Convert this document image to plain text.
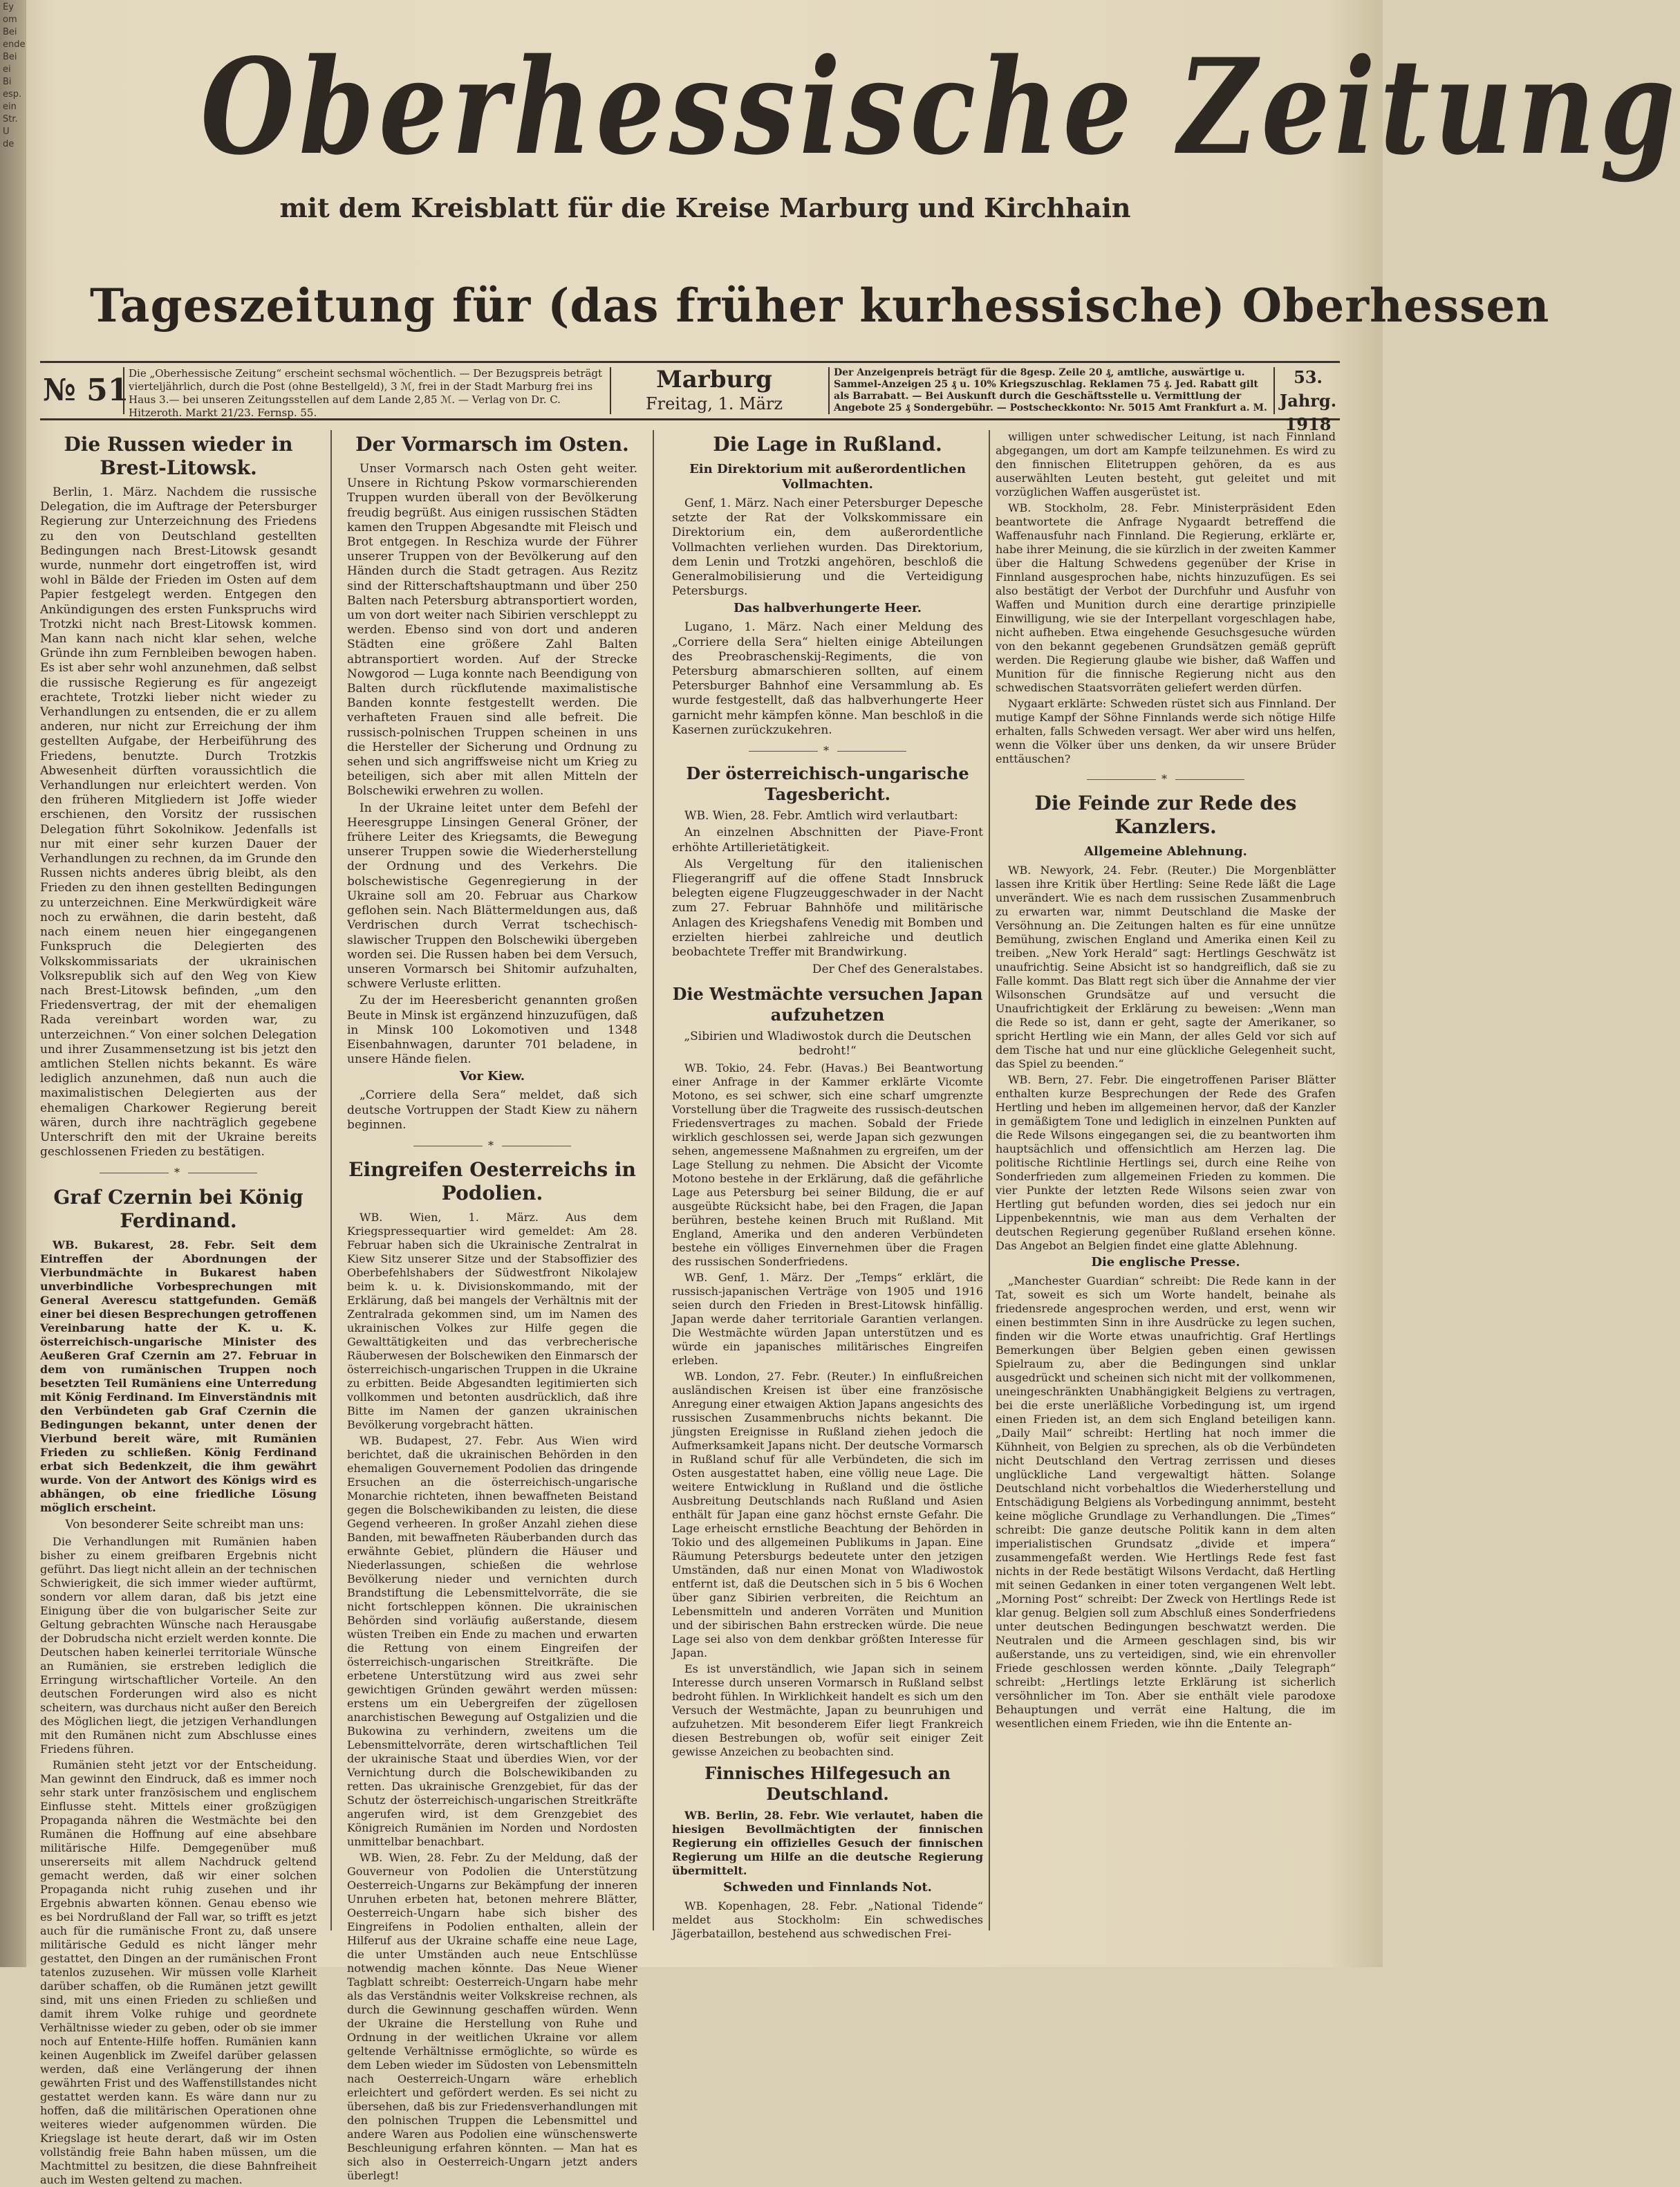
Ey
om
Bei
ende
Bei
ei
Bi
esp.
ein
Str.
U
de Oberhessische Zeitung
mit dem Kreisblatt für die Kreise Marburg und Kirchhain
Tageszeitung für (das früher kurhessische) Oberhessen
№ 51 Die „Oberhessische Zeitung“ erscheint sechsmal wöchentlich. — Der Bezugspreis beträgt vierteljährlich, durch die Post (ohne Bestellgeld), 3 ℳ, frei in der Stadt Marburg frei ins Haus 3.— bei unseren Zeitungsstellen auf dem Lande 2,85 ℳ. — Verlag von Dr. C. Hitzeroth. Markt 21/23. Fernsp. 55.
Marburg
Freitag, 1. März
Der Anzeigenpreis beträgt für die 8gesp. Zeile 20 ₰, amtliche, auswärtige u. Sammel-Anzeigen 25 ₰ u. 10% Kriegszuschlag. Reklamen 75 ₰. Jed. Rabatt gilt als Barrabatt. — Bei Auskunft durch die Geschäftsstelle u. Vermittlung der Angebote 25 ₰ Sondergebühr. — Postscheckkonto: Nr. 5015 Amt Frankfurt a. M.
53. Jahrg.
1918
Die Russen wieder in Brest-Litowsk.

Berlin, 1. März. Nachdem die russische Delegation, die im Auftrage der Petersburger Regierung zur Unterzeichnung des Friedens zu den von Deutschland gestellten Bedingungen nach Brest-Litowsk gesandt wurde, nunmehr dort eingetroffen ist, wird wohl in Bälde der Frieden im Osten auf dem Papier festgelegt werden. Entgegen den Ankündigungen des ersten Funkspruchs wird Trotzki nicht nach Brest-Litowsk kommen. Man kann nach nicht klar sehen, welche Gründe ihn zum Fernbleiben bewogen haben. Es ist aber sehr wohl anzunehmen, daß selbst die russische Regierung es für angezeigt erachtete, Trotzki lieber nicht wieder zu Verhandlungen zu entsenden, die er zu allem anderen, nur nicht zur Erreichung der ihm gestellten Aufgabe, der Herbeiführung des Friedens, benutzte. Durch Trotzkis Abwesenheit dürften voraussichtlich die Verhandlungen nur erleichtert werden. Von den früheren Mitgliedern ist Joffe wieder erschienen, den Vorsitz der russischen Delegation führt Sokolnikow. Jedenfalls ist nur mit einer sehr kurzen Dauer der Verhandlungen zu rechnen, da im Grunde den Russen nichts anderes übrig bleibt, als den Frieden zu den ihnen gestellten Bedingungen zu unterzeichnen. Eine Merkwürdigkeit wäre noch zu erwähnen, die darin besteht, daß nach einem neuen hier eingegangenen Funkspruch die Delegierten des Volkskommissariats der ukrainischen Volksrepublik sich auf den Weg von Kiew nach Brest-Litowsk befinden, „um den Friedensvertrag, der mit der ehemaligen Rada vereinbart worden war, zu unterzeichnen.“ Von einer solchen Delegation und ihrer Zusammensetzung ist bis jetzt den amtlichen Stellen nichts bekannt. Es wäre lediglich anzunehmen, daß nun auch die maximalistischen Delegierten aus der ehemaligen Charkower Regierung bereit wären, durch ihre nachträglich gegebene Unterschrift den mit der Ukraine bereits geschlossenen Frieden zu bestätigen.

*
Graf Czernin bei König Ferdinand.

WB. Bukarest, 28. Febr. Seit dem Eintreffen der Abordnungen der Vierbundmächte in Bukarest haben unverbindliche Vorbesprechungen mit General Averescu stattgefunden. Gemäß einer bei diesen Besprechungen getroffenen Vereinbarung hatte der K. u. K. österreichisch-ungarische Minister des Aeußeren Graf Czernin am 27. Februar in dem von rumänischen Truppen noch besetzten Teil Rumäniens eine Unterredung mit König Ferdinand. Im Einverständnis mit den Verbündeten gab Graf Czernin die Bedingungen bekannt, unter denen der Vierbund bereit wäre, mit Rumänien Frieden zu schließen. König Ferdinand erbat sich Bedenkzeit, die ihm gewährt wurde. Von der Antwort des Königs wird es abhängen, ob eine friedliche Lösung möglich erscheint.

Von besonderer Seite schreibt man uns:

Die Verhandlungen mit Rumänien haben bisher zu einem greifbaren Ergebnis nicht geführt. Das liegt nicht allein an der technischen Schwierigkeit, die sich immer wieder auftürmt, sondern vor allem daran, daß bis jetzt eine Einigung über die von bulgarischer Seite zur Geltung gebrachten Wünsche nach Herausgabe der Dobrudscha nicht erzielt werden konnte. Die Deutschen haben keinerlei territoriale Wünsche an Rumänien, sie erstreben lediglich die Erringung wirtschaftlicher Vorteile. An den deutschen Forderungen wird also es nicht scheitern, was durchaus nicht außer den Bereich des Möglichen liegt, die jetzigen Verhandlungen mit den Rumänen nicht zum Abschlusse eines Friedens führen.

Rumänien steht jetzt vor der Entscheidung. Man gewinnt den Eindruck, daß es immer noch sehr stark unter französischem und englischem Einflusse steht. Mittels einer großzügigen Propaganda nähren die Westmächte bei den Rumänen die Hoffnung auf eine absehbare militärische Hilfe. Demgegenüber muß unsererseits mit allem Nachdruck geltend gemacht werden, daß wir einer solchen Propaganda nicht ruhig zusehen und ihr Ergebnis abwarten können. Genau ebenso wie es bei Nordrußland der Fall war, so trifft es jetzt auch für die rumänische Front zu, daß unsere militärische Geduld es nicht länger mehr gestattet, den Dingen an der rumänischen Front tatenlos zuzusehen. Wir müssen volle Klarheit darüber schaffen, ob die Rumänen jetzt gewillt sind, mit uns einen Frieden zu schließen und damit ihrem Volke ruhige und geordnete Verhältnisse wieder zu geben, oder ob sie immer noch auf Entente-Hilfe hoffen. Rumänien kann keinen Augenblick im Zweifel darüber gelassen werden, daß eine Verlängerung der ihnen gewährten Frist und des Waffenstillstandes nicht gestattet werden kann. Es wäre dann nur zu hoffen, daß die militärischen Operationen ohne weiteres wieder aufgenommen würden. Die Kriegslage ist heute derart, daß wir im Osten vollständig freie Bahn haben müssen, um die Machtmittel zu besitzen, die diese Bahnfreiheit auch im Westen geltend zu machen.

Der Vormarsch im Osten.

Unser Vormarsch nach Osten geht weiter. Unsere in Richtung Pskow vormarschierenden Truppen wurden überall von der Bevölkerung freudig begrüßt. Aus einigen russischen Städten kamen den Truppen Abgesandte mit Fleisch und Brot entgegen. In Reschiza wurde der Führer unserer Truppen von der Bevölkerung auf den Händen durch die Stadt getragen. Aus Rezitz sind der Ritterschaftshauptmann und über 250 Balten nach Petersburg abtransportiert worden, um von dort weiter nach Sibirien verschleppt zu werden. Ebenso sind von dort und anderen Städten eine größere Zahl Balten abtransportiert worden. Auf der Strecke Nowgorod — Luga konnte nach Beendigung von Balten durch rückflutende maximalistische Banden konnte festgestellt werden. Die verhafteten Frauen sind alle befreit. Die russisch-polnischen Truppen scheinen in uns die Hersteller der Sicherung und Ordnung zu sehen und sich angriffsweise nicht um Krieg zu beteiligen, sich aber mit allen Mitteln der Bolschewiki erwehren zu wollen.

In der Ukraine leitet unter dem Befehl der Heeresgruppe Linsingen General Gröner, der frühere Leiter des Kriegsamts, die Bewegung unserer Truppen sowie die Wiederherstellung der Ordnung und des Verkehrs. Die bolschewistische Gegenregierung in der Ukraine soll am 20. Februar aus Charkow geflohen sein. Nach Blättermeldungen aus, daß Verdrischen durch Verrat tschechisch-slawischer Truppen den Bolschewiki übergeben worden sei. Die Russen haben bei dem Versuch, unseren Vormarsch bei Shitomir aufzuhalten, schwere Verluste erlitten.

Zu der im Heeresbericht genannten großen Beute in Minsk ist ergänzend hinzuzufügen, daß in Minsk 100 Lokomotiven und 1348 Eisenbahnwagen, darunter 701 beladene, in unsere Hände fielen.

Vor Kiew.

„Corriere della Sera“ meldet, daß sich deutsche Vortruppen der Stadt Kiew zu nähern beginnen.

*
Eingreifen Oesterreichs in Podolien.

WB. Wien, 1. März. Aus dem Kriegspressequartier wird gemeldet: Am 28. Februar haben sich die Ukrainische Zentralrat in Kiew Sitz unserer Sitze und der Stabsoffizier des Oberbefehlshabers der Südwestfront Nikolajew beim k. u. k. Divisionskommando, mit der Erklärung, daß bei mangels der Verhältnis mit der Zentralrada gekommen sind, um im Namen des ukrainischen Volkes zur Hilfe gegen die Gewalttätigkeiten und das verbrecherische Räuberwesen der Bolschewiken den Einmarsch der österreichisch-ungarischen Truppen in die Ukraine zu erbitten. Beide Abgesandten legitimierten sich vollkommen und betonten ausdrücklich, daß ihre Bitte im Namen der ganzen ukrainischen Bevölkerung vorgebracht hätten.

WB. Budapest, 27. Febr. Aus Wien wird berichtet, daß die ukrainischen Behörden in den ehemaligen Gouvernement Podolien das dringende Ersuchen an die österreichisch-ungarische Monarchie richteten, ihnen bewaffneten Beistand gegen die Bolschewikibanden zu leisten, die diese Gegend verheeren. In großer Anzahl ziehen diese Banden, mit bewaffneten Räuberbanden durch das erwähnte Gebiet, plündern die Häuser und Niederlassungen, schießen die wehrlose Bevölkerung nieder und vernichten durch Brandstiftung die Lebensmittelvorräte, die sie nicht fortschleppen können. Die ukrainischen Behörden sind vorläufig außerstande, diesem wüsten Treiben ein Ende zu machen und erwarten die Rettung von einem Eingreifen der österreichisch-ungarischen Streitkräfte. Die erbetene Unterstützung wird aus zwei sehr gewichtigen Gründen gewährt werden müssen: erstens um ein Uebergreifen der zügellosen anarchistischen Bewegung auf Ostgalizien und die Bukowina zu verhindern, zweitens um die Lebensmittelvorräte, deren wirtschaftlichen Teil der ukrainische Staat und überdies Wien, vor der Vernichtung durch die Bolschewikibanden zu retten. Das ukrainische Grenzgebiet, für das der Schutz der österreichisch-ungarischen Streitkräfte angerufen wird, ist dem Grenzgebiet des Königreich Rumänien im Norden und Nordosten unmittelbar benachbart.

WB. Wien, 28. Febr. Zu der Meldung, daß der Gouverneur von Podolien die Unterstützung Oesterreich-Ungarns zur Bekämpfung der inneren Unruhen erbeten hat, betonen mehrere Blätter, Oesterreich-Ungarn habe sich bisher des Eingreifens in Podolien enthalten, allein der Hilferuf aus der Ukraine schaffe eine neue Lage, die unter Umständen auch neue Entschlüsse notwendig machen könnte. Das Neue Wiener Tagblatt schreibt: Oesterreich-Ungarn habe mehr als das Verständnis weiter Volkskreise rechnen, als durch die Gewinnung geschaffen würden. Wenn der Ukraine die Herstellung von Ruhe und Ordnung in der weitlichen Ukraine vor allem geltende Verhältnisse ermöglichte, so würde es dem Leben wieder im Südosten von Lebensmitteln nach Oesterreich-Ungarn wäre erheblich erleichtert und gefördert werden. Es sei nicht zu übersehen, daß bis zur Friedensverhandlungen mit den polnischen Truppen die Lebensmittel und andere Waren aus Podolien eine wünschenswerte Beschleunigung erfahren könnten. — Man hat es sich also in Oesterreich-Ungarn jetzt anders überlegt!

Die Lage in Rußland.
Ein Direktorium mit außerordentlichen Vollmachten.

Genf, 1. März. Nach einer Petersburger Depesche setzte der Rat der Volkskommissare ein Direktorium ein, dem außerordentliche Vollmachten verliehen wurden. Das Direktorium, dem Lenin und Trotzki angehören, beschloß die Generalmobilisierung und die Verteidigung Petersburgs.

Das halbverhungerte Heer.

Lugano, 1. März. Nach einer Meldung des „Corriere della Sera“ hielten einige Abteilungen des Preobraschenskij-Regiments, die von Petersburg abmarschieren sollten, auf einem Petersburger Bahnhof eine Versammlung ab. Es wurde festgestellt, daß das halbverhungerte Heer garnicht mehr kämpfen könne. Man beschloß in die Kasernen zurückzukehren.

*
Der österreichisch-ungarische Tagesbericht.

WB. Wien, 28. Febr. Amtlich wird verlautbart:

An einzelnen Abschnitten der Piave-Front erhöhte Artillerietätigkeit.

Als Vergeltung für den italienischen Fliegerangriff auf die offene Stadt Innsbruck belegten eigene Flugzeuggeschwader in der Nacht zum 27. Februar Bahnhöfe und militärische Anlagen des Kriegshafens Venedig mit Bomben und erzielten hierbei zahlreiche und deutlich beobachtete Treffer mit Brandwirkung.

Der Chef des Generalstabes.
Die Westmächte versuchen Japan aufzuhetzen
„Sibirien und Wladiwostok durch die Deutschen bedroht!“

WB. Tokio, 24. Febr. (Havas.) Bei Beantwortung einer Anfrage in der Kammer erklärte Vicomte Motono, es sei schwer, sich eine scharf umgrenzte Vorstellung über die Tragweite des russisch-deutschen Friedensvertrages zu machen. Sobald der Friede wirklich geschlossen sei, werde Japan sich gezwungen sehen, angemessene Maßnahmen zu ergreifen, um der Lage Stellung zu nehmen. Die Absicht der Vicomte Motono bestehe in der Erklärung, daß die gefährliche Lage aus Petersburg bei seiner Bildung, die er auf ausgeübte Rücksicht habe, bei den Fragen, die Japan berühren, bestehe keinen Bruch mit Rußland. Mit England, Amerika und den anderen Verbündeten bestehe ein völliges Einvernehmen über die Fragen des russischen Sonderfriedens.

WB. Genf, 1. März. Der „Temps“ erklärt, die russisch-japanischen Verträge von 1905 und 1916 seien durch den Frieden in Brest-Litowsk hinfällig. Japan werde daher territoriale Garantien verlangen. Die Westmächte würden Japan unterstützen und es würde ein japanisches militärisches Eingreifen erleben.

WB. London, 27. Febr. (Reuter.) In einflußreichen ausländischen Kreisen ist über eine französische Anregung einer etwaigen Aktion Japans angesichts des russischen Zusammenbruchs nichts bekannt. Die jüngsten Ereignisse in Rußland ziehen jedoch die Aufmerksamkeit Japans nicht. Der deutsche Vormarsch in Rußland schuf für alle Verbündeten, die sich im Osten ausgestattet haben, eine völlig neue Lage. Die weitere Entwicklung in Rußland und die östliche Ausbreitung Deutschlands nach Rußland und Asien enthält für Japan eine ganz höchst ernste Gefahr. Die Lage erheischt ernstliche Beachtung der Behörden in Tokio und des allgemeinen Publikums in Japan. Eine Räumung Petersburgs bedeutete unter den jetzigen Umständen, daß nur einen Monat von Wladiwostok entfernt ist, daß die Deutschen sich in 5 bis 6 Wochen über ganz Sibirien verbreiten, die Reichtum an Lebensmitteln und anderen Vorräten und Munition und der sibirischen Bahn erstrecken würde. Die neue Lage sei also von dem denkbar größten Interesse für Japan.

Es ist unverständlich, wie Japan sich in seinem Interesse durch unseren Vormarsch in Rußland selbst bedroht fühlen. In Wirklichkeit handelt es sich um den Versuch der Westmächte, Japan zu beunruhigen und aufzuhetzen. Mit besonderem Eifer liegt Frankreich diesen Bestrebungen ob, wofür seit einiger Zeit gewisse Anzeichen zu beobachten sind.

Finnisches Hilfegesuch an Deutschland.

WB. Berlin, 28. Febr. Wie verlautet, haben die hiesigen Bevollmächtigten der finnischen Regierung ein offizielles Gesuch der finnischen Regierung um Hilfe an die deutsche Regierung übermittelt.

Schweden und Finnlands Not.

WB. Kopenhagen, 28. Febr. „National Tidende“ meldet aus Stockholm: Ein schwedisches Jägerbataillon, bestehend aus schwedischen Frei-

willigen unter schwedischer Leitung, ist nach Finnland abgegangen, um dort am Kampfe teilzunehmen. Es wird zu den finnischen Elitetruppen gehören, da es aus auserwählten Leuten besteht, gut geleitet und mit vorzüglichen Waffen ausgerüstet ist.

WB. Stockholm, 28. Febr. Ministerpräsident Eden beantwortete die Anfrage Nygaardt betreffend die Waffenausfuhr nach Finnland. Die Regierung, erklärte er, habe ihrer Meinung, die sie kürzlich in der zweiten Kammer über die Haltung Schwedens gegenüber der Krise in Finnland ausgesprochen habe, nichts hinzuzufügen. Es sei also bestätigt der Verbot der Durchfuhr und Ausfuhr von Waffen und Munition durch eine derartige prinzipielle Einwilligung, wie sie der Interpellant vorgeschlagen habe, nicht aufheben. Etwa eingehende Gesuchsgesuche würden von den bekannt gegebenen Grundsätzen gemäß geprüft werden. Die Regierung glaube wie bisher, daß Waffen und Munition für die finnische Regierung nicht aus den schwedischen Staatsvorräten geliefert werden dürfen.

Nygaart erklärte: Schweden rüstet sich aus Finnland. Der mutige Kampf der Söhne Finnlands werde sich nötige Hilfe erhalten, falls Schweden versagt. Wer aber wird uns helfen, wenn die Völker über uns denken, da wir unsere Brüder enttäuschen?

*
Die Feinde zur Rede des Kanzlers.
Allgemeine Ablehnung.

WB. Newyork, 24. Febr. (Reuter.) Die Morgenblätter lassen ihre Kritik über Hertling: Seine Rede läßt die Lage unverändert. Wie es nach dem russischen Zusammenbruch zu erwarten war, nimmt Deutschland die Maske der Versöhnung an. Die Zeitungen halten es für eine unnütze Bemühung, zwischen England und Amerika einen Keil zu treiben. „New York Herald“ sagt: Hertlings Geschwätz ist unaufrichtig. Seine Absicht ist so handgreiflich, daß sie zu Falle kommt. Das Blatt regt sich über die Annahme der vier Wilsonschen Grundsätze auf und versucht die Unaufrichtigkeit der Erklärung zu beweisen: „Wenn man die Rede so ist, dann er geht, sagte der Amerikaner, so spricht Hertling wie ein Mann, der alles Geld vor sich auf dem Tische hat und nur eine glückliche Gelegenheit sucht, das Spiel zu beenden.“

WB. Bern, 27. Febr. Die eingetroffenen Pariser Blätter enthalten kurze Besprechungen der Rede des Grafen Hertling und heben im allgemeinen hervor, daß der Kanzler in gemäßigtem Tone und lediglich in einzelnen Punkten auf die Rede Wilsons eingegangen sei, die zu beantworten ihm hauptsächlich und offensichtlich am Herzen lag. Die politische Richtlinie Hertlings sei, durch eine Reihe von Sonderfrieden zum allgemeinen Frieden zu kommen. Die vier Punkte der letzten Rede Wilsons seien zwar von Hertling gut befunden worden, dies sei jedoch nur ein Lippenbekenntnis, wie man aus dem Verhalten der deutschen Regierung gegenüber Rußland ersehen könne. Das Angebot an Belgien findet eine glatte Ablehnung.

Die englische Presse.

„Manchester Guardian“ schreibt: Die Rede kann in der Tat, soweit es sich um Worte handelt, beinahe als friedensrede angesprochen werden, und erst, wenn wir einen bestimmten Sinn in ihre Ausdrücke zu legen suchen, finden wir die Worte etwas unaufrichtig. Graf Hertlings Bemerkungen über Belgien geben einen gewissen Spielraum zu, aber die Bedingungen sind unklar ausgedrückt und scheinen sich nicht mit der vollkommenen, uneingeschränkten Unabhängigkeit Belgiens zu vertragen, bei die erste unerläßliche Vorbedingung ist, um irgend einen Frieden ist, an dem sich England beteiligen kann. „Daily Mail“ schreibt: Hertling hat noch immer die Kühnheit, von Belgien zu sprechen, als ob die Verbündeten nicht Deutschland den Vertrag zerrissen und dieses unglückliche Land vergewaltigt hätten. Solange Deutschland nicht vorbehaltlos die Wiederherstellung und Entschädigung Belgiens als Vorbedingung annimmt, besteht keine mögliche Grundlage zu Verhandlungen. Die „Times“ schreibt: Die ganze deutsche Politik kann in dem alten imperialistischen Grundsatz „divide et impera“ zusammengefaßt werden. Wie Hertlings Rede fest fast nichts in der Rede bestätigt Wilsons Verdacht, daß Hertling mit seinen Gedanken in einer toten vergangenen Welt lebt. „Morning Post“ schreibt: Der Zweck von Hertlings Rede ist klar genug. Belgien soll zum Abschluß eines Sonderfriedens unter deutschen Bedingungen beschwatzt werden. Die Neutralen und die Armeen geschlagen sind, bis wir außerstande, uns zu verteidigen, sind, wie ein ehrenvoller Friede geschlossen werden könnte. „Daily Telegraph“ schreibt: „Hertlings letzte Erklärung ist sicherlich versöhnlicher im Ton. Aber sie enthält viele parodoxe Behauptungen und verrät eine Haltung, die im wesentlichen einem Frieden, wie ihn die Entente an-
